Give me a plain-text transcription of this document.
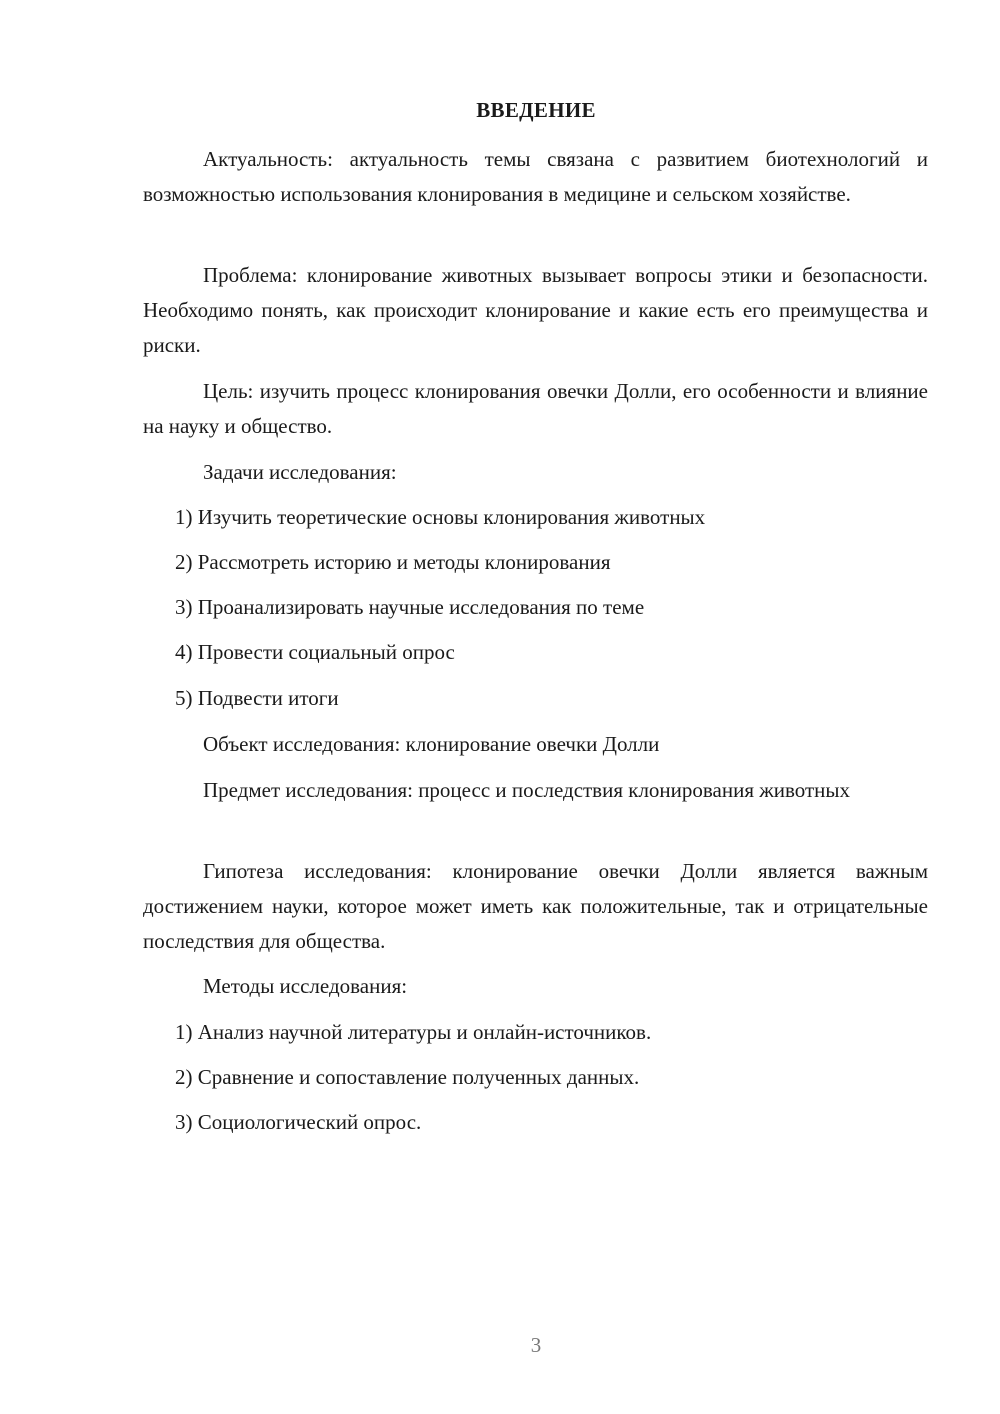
ВВЕДЕНИЕ

Актуальность: актуальность темы связана с развитием биотехнологий и возможностью использования клонирования в медицине и сельском хозяйстве.

Проблема: клонирование животных вызывает вопросы этики и безопасности. Необходимо понять, как происходит клонирование и какие есть его преимущества и риски.

Цель: изучить процесс клонирования овечки Долли, его особенности и влияние на науку и общество.

Задачи исследования:

1) Изучить теоретические основы клонирования животных

2) Рассмотреть историю и методы клонирования

3) Проанализировать научные исследования по теме

4) Провести социальный опрос

5) Подвести итоги

Объект исследования: клонирование овечки Долли

Предмет исследования: процесс и последствия клонирования животных

Гипотеза исследования: клонирование овечки Долли является важным достижением науки, которое может иметь как положительные, так и отрицательные последствия для общества.

Методы исследования:

1) Анализ научной литературы и онлайн-источников.

2) Сравнение и сопоставление полученных данных.

3) Социологический опрос.

3
